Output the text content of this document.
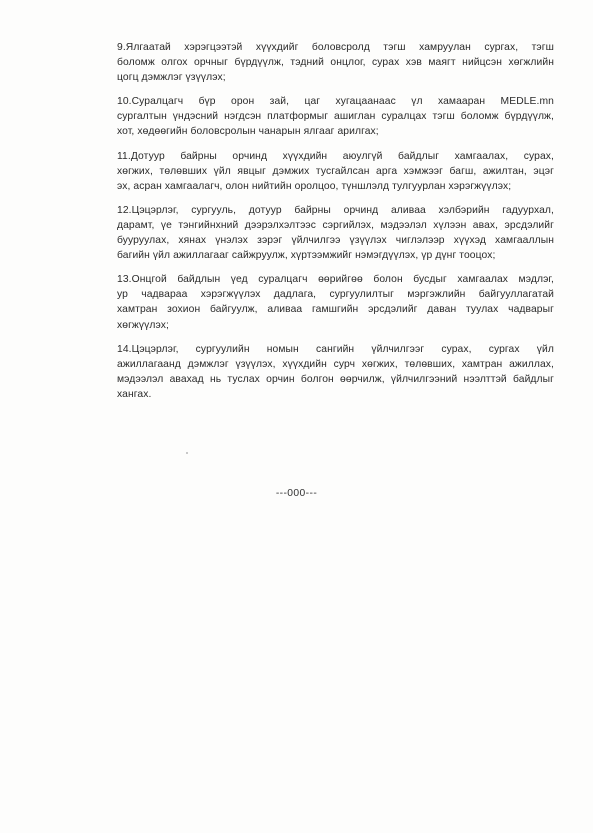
9.Ялгаатай хэрэгцээтэй хүүхдийг боловсролд тэгш хамруулан сургах, тэгш
боломж олгох орчныг бүрдүүлж, тэдний онцлог, сурах хэв маягт нийцсэн хөгжлийн
цогц дэмжлэг үзүүлэх;
10.Суралцагч бүр орон зай, цаг хугацаанаас үл хамааран MEDLE.mn
сургалтын үндэсний нэгдсэн платформыг ашиглан суралцах тэгш боломж бүрдүүлж,
хот, хөдөөгийн боловсролын чанарын ялгааг арилгах;
11.Дотуур байрны орчинд хүүхдийн аюулгүй байдлыг хамгаалах, сурах,
хөгжих, төлөвших үйл явцыг дэмжих тусгайлсан арга хэмжээг багш, ажилтан, эцэг
эх, асран хамгаалагч, олон нийтийн оролцоо, түншлэлд тулгуурлан хэрэгжүүлэх;
12.Цэцэрлэг, сургууль, дотуур байрны орчинд аливаа хэлбэрийн гадуурхал,
дарамт, үе тэнгийнхний дээрэлхэлтээс сэргийлэх, мэдээлэл хүлээн авах, эрсдэлийг
бууруулах, хянах үнэлэх зэрэг үйлчилгээ үзүүлэх чиглэлээр хүүхэд хамгааллын
багийн үйл ажиллагааг сайжруулж, хүртээмжийг нэмэгдүүлэх, үр дүнг тооцох;
13.Онцгой байдлын үед суралцагч өөрийгөө болон бусдыг хамгаалах мэдлэг,
ур чадвараа хэрэгжүүлэх дадлага, сургуулилтыг мэргэжлийн байгууллагатай
хамтран зохион байгуулж, аливаа гамшгийн эрсдэлийг даван туулах чадварыг
хөгжүүлэх;
14.Цэцэрлэг, сургуулийн номын сангийн үйлчилгээг сурах, сургах үйл
ажиллагаанд дэмжлэг үзүүлэх, хүүхдийн сурч хөгжих, төлөвших, хамтран ажиллах,
мэдээлэл авахад нь туслах орчин болгон өөрчилж, үйлчилгээний нээлттэй байдлыг
хангах.
---000---
